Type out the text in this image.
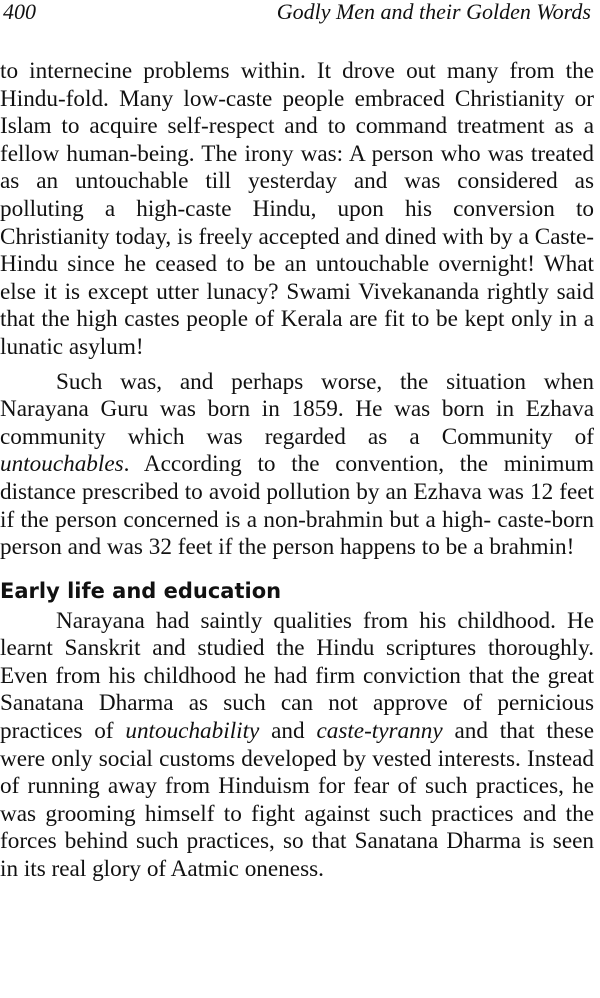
400	Godly Men and their Golden Words

to internecine problems within. It drove out many from the Hindu-fold. Many low-caste people embraced Christianity or Islam to acquire self-respect and to command treatment as a fellow human-being. The irony was: A person who was treated as an untouchable till yesterday and was considered as polluting a high-caste Hindu, upon his conversion to Christianity today, is freely accepted and dined with by a Caste-Hindu since he ceased to be an untouchable overnight! What else it is except utter lunacy? Swami Vivekananda rightly said that the high castes people of Kerala are fit to be kept only in a lunatic asylum!

Such was, and perhaps worse, the situation when Narayana Guru was born in 1859. He was born in Ezhava community which was regarded as a Community of untouchables. According to the convention, the minimum distance prescribed to avoid pollution by an Ezhava was 12 feet if the person concerned is a non-brahmin but a high- caste-born person and was 32 feet if the person happens to be a brahmin!

Early life and education

Narayana had saintly qualities from his childhood. He learnt Sanskrit and studied the Hindu scriptures thoroughly. Even from his childhood he had firm conviction that the great Sanatana Dharma as such can not approve of pernicious practices of untouchability and caste-tyranny and that these were only social customs developed by vested interests. Instead of running away from Hinduism for fear of such practices, he was grooming himself to fight against such practices and the forces behind such practices, so that Sanatana Dharma is seen in its real glory of Aatmic oneness.
